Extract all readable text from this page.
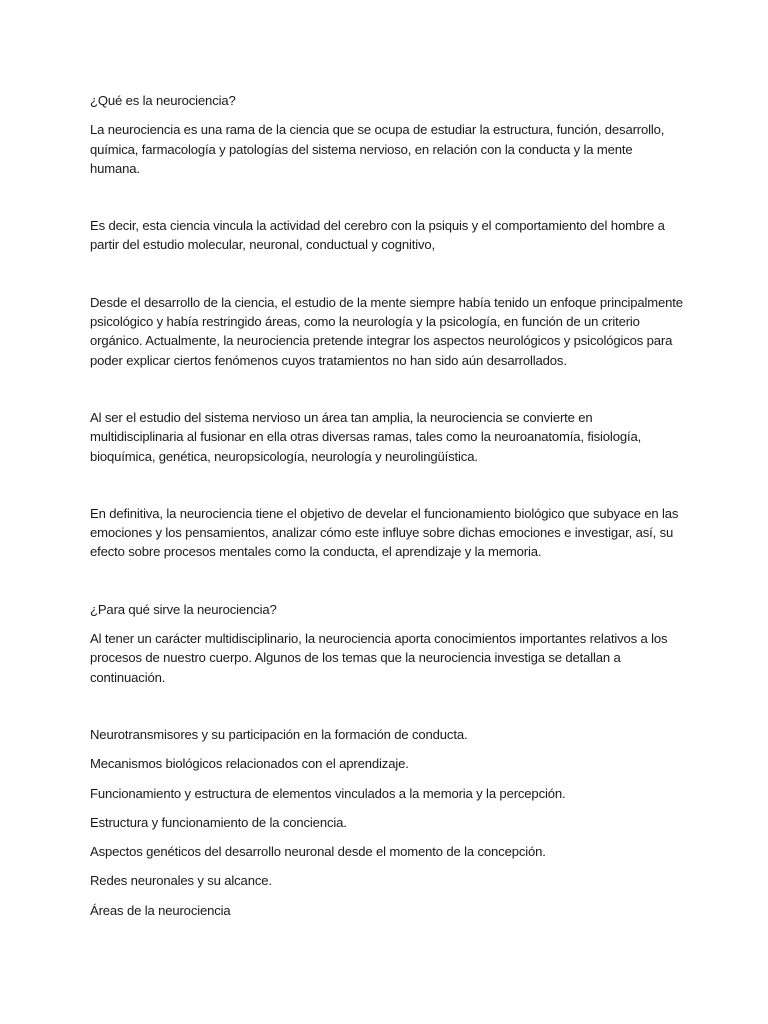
¿Qué es la neurociencia?

La neurociencia es una rama de la ciencia que se ocupa de estudiar la estructura, función, desarrollo, química, farmacología y patologías del sistema nervioso, en relación con la conducta y la mente humana.

Es decir, esta ciencia vincula la actividad del cerebro con la psiquis y el comportamiento del hombre a partir del estudio molecular, neuronal, conductual y cognitivo,

Desde el desarrollo de la ciencia, el estudio de la mente siempre había tenido un enfoque principalmente psicológico y había restringido áreas, como la neurología y la psicología, en función de un criterio orgánico. Actualmente, la neurociencia pretende integrar los aspectos neurológicos y psicológicos para poder explicar ciertos fenómenos cuyos tratamientos no han sido aún desarrollados.

Al ser el estudio del sistema nervioso un área tan amplia, la neurociencia se convierte en multidisciplinaria al fusionar en ella otras diversas ramas, tales como la neuroanatomía, fisiología, bioquímica, genética, neuropsicología, neurología y neurolingüística.

En definitiva, la neurociencia tiene el objetivo de develar el funcionamiento biológico que subyace en las emociones y los pensamientos, analizar cómo este influye sobre dichas emociones e investigar, así, su efecto sobre procesos mentales como la conducta, el aprendizaje y la memoria.

¿Para qué sirve la neurociencia?

Al tener un carácter multidisciplinario, la neurociencia aporta conocimientos importantes relativos a los procesos de nuestro cuerpo. Algunos de los temas que la neurociencia investiga se detallan a continuación.

Neurotransmisores y su participación en la formación de conducta.

Mecanismos biológicos relacionados con el aprendizaje.

Funcionamiento y estructura de elementos vinculados a la memoria y la percepción.

Estructura y funcionamiento de la conciencia.

Aspectos genéticos del desarrollo neuronal desde el momento de la concepción.

Redes neuronales y su alcance.

Áreas de la neurociencia
